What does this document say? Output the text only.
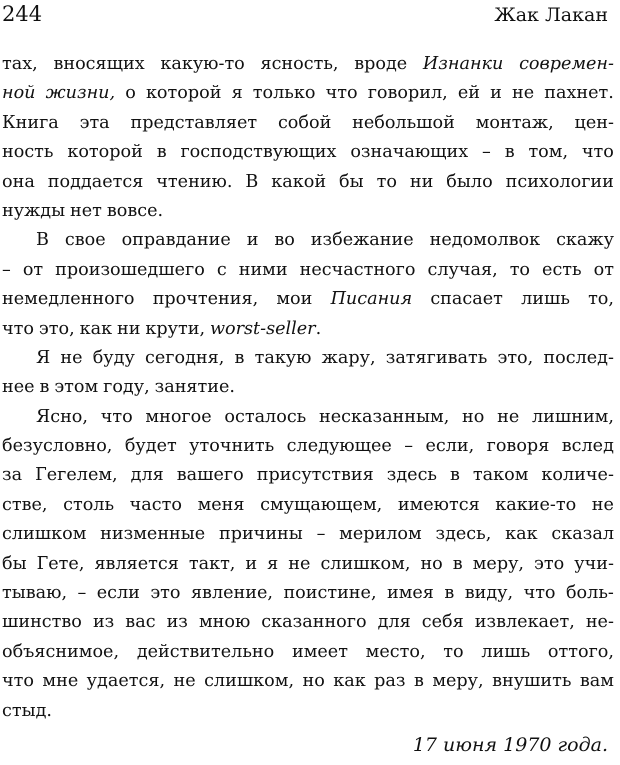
244	Жак Лакан
тах, вносящих какую-то ясность, вроде Изнанки современ-
ной жизни, о которой я только что говорил, ей и не пахнет.
Книга эта представляет собой небольшой монтаж, цен-
ность которой в господствующих означающих – в том, что
она поддается чтению. В какой бы то ни было психологии
нужды нет вовсе.
В свое оправдание и во избежание недомолвок скажу
– от произошедшего с ними несчастного случая, то есть от
немедленного прочтения, мои Писания спасает лишь то,
что это, как ни крути, worst-seller .
Я не буду сегодня, в такую жару, затягивать это, послед-
нее в этом году, занятие.
Ясно, что многое осталось несказанным, но не лишним,
безусловно, будет уточнить следующее – если, говоря вслед
за Гегелем, для вашего присутствия здесь в таком количе-
стве, столь часто меня смущающем, имеются какие-то не
слишком низменные причины – мерилом здесь, как сказал
бы Гете, является такт, и я не слишком, но в меру, это учи-
тываю, – если это явление, поистине, имея в виду, что боль-
шинство из вас из мною сказанного для себя извлекает, не-
объяснимое, действительно имеет место, то лишь оттого,
что мне удается, не слишком, но как раз в меру, внушить вам
стыд.
17 июня 1970 года.
